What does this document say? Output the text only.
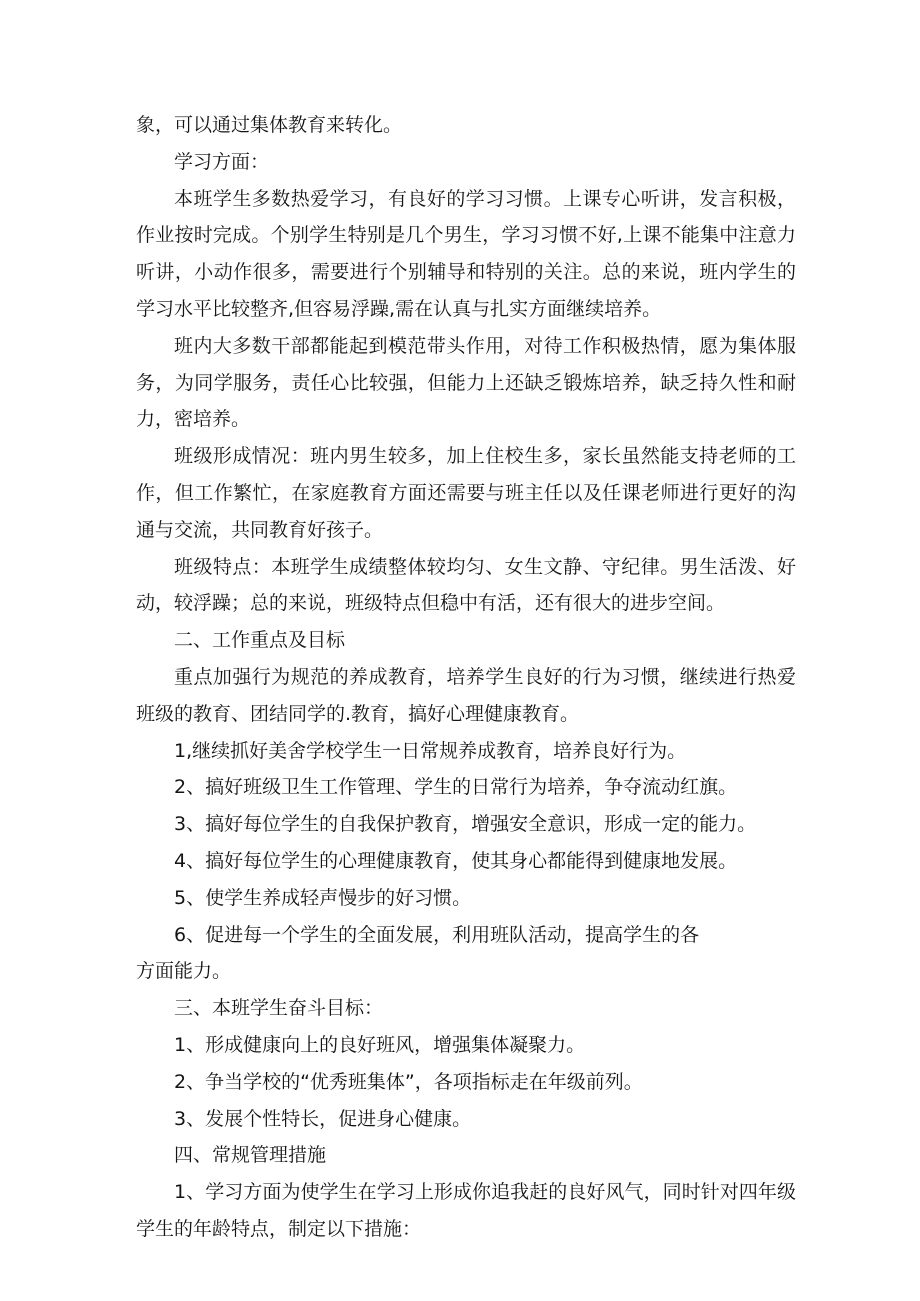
象，可以通过集体教育来转化。

学习方面：

本班学生多数热爱学习，有良好的学习习惯。上课专心听讲，发言积极，作业按时完成。个别学生特别是几个男生，学习习惯不好,上课不能集中注意力听讲，小动作很多，需要进行个别辅导和特别的关注。总的来说，班内学生的学习水平比较整齐,但容易浮躁,需在认真与扎实方面继续培养。

班内大多数干部都能起到模范带头作用，对待工作积极热情，愿为集体服务，为同学服务，责任心比较强，但能力上还缺乏锻炼培养，缺乏持久性和耐力，密培养。

班级形成情况：班内男生较多，加上住校生多，家长虽然能支持老师的工作，但工作繁忙，在家庭教育方面还需要与班主任以及任课老师进行更好的沟通与交流，共同教育好孩子。

班级特点：本班学生成绩整体较均匀、女生文静、守纪律。男生活泼、好动，较浮躁；总的来说，班级特点但稳中有活，还有很大的进步空间。

二、工作重点及目标

重点加强行为规范的养成教育，培养学生良好的行为习惯，继续进行热爱班级的教育、团结同学的.教育，搞好心理健康教育。

1,继续抓好美舍学校学生一日常规养成教育，培养良好行为。

2、搞好班级卫生工作管理、学生的日常行为培养，争夺流动红旗。

3、搞好每位学生的自我保护教育，增强安全意识，形成一定的能力。

4、搞好每位学生的心理健康教育，使其身心都能得到健康地发展。

5、使学生养成轻声慢步的好习惯。

6、促进每一个学生的全面发展，利用班队活动，提高学生的各

方面能力。

三、本班学生奋斗目标：

1、形成健康向上的良好班风，增强集体凝聚力。

2、争当学校的“优秀班集体”，各项指标走在年级前列。

3、发展个性特长，促进身心健康。

四、常规管理措施

1、学习方面为使学生在学习上形成你追我赶的良好风气，同时针对四年级学生的年龄特点，制定以下措施：
